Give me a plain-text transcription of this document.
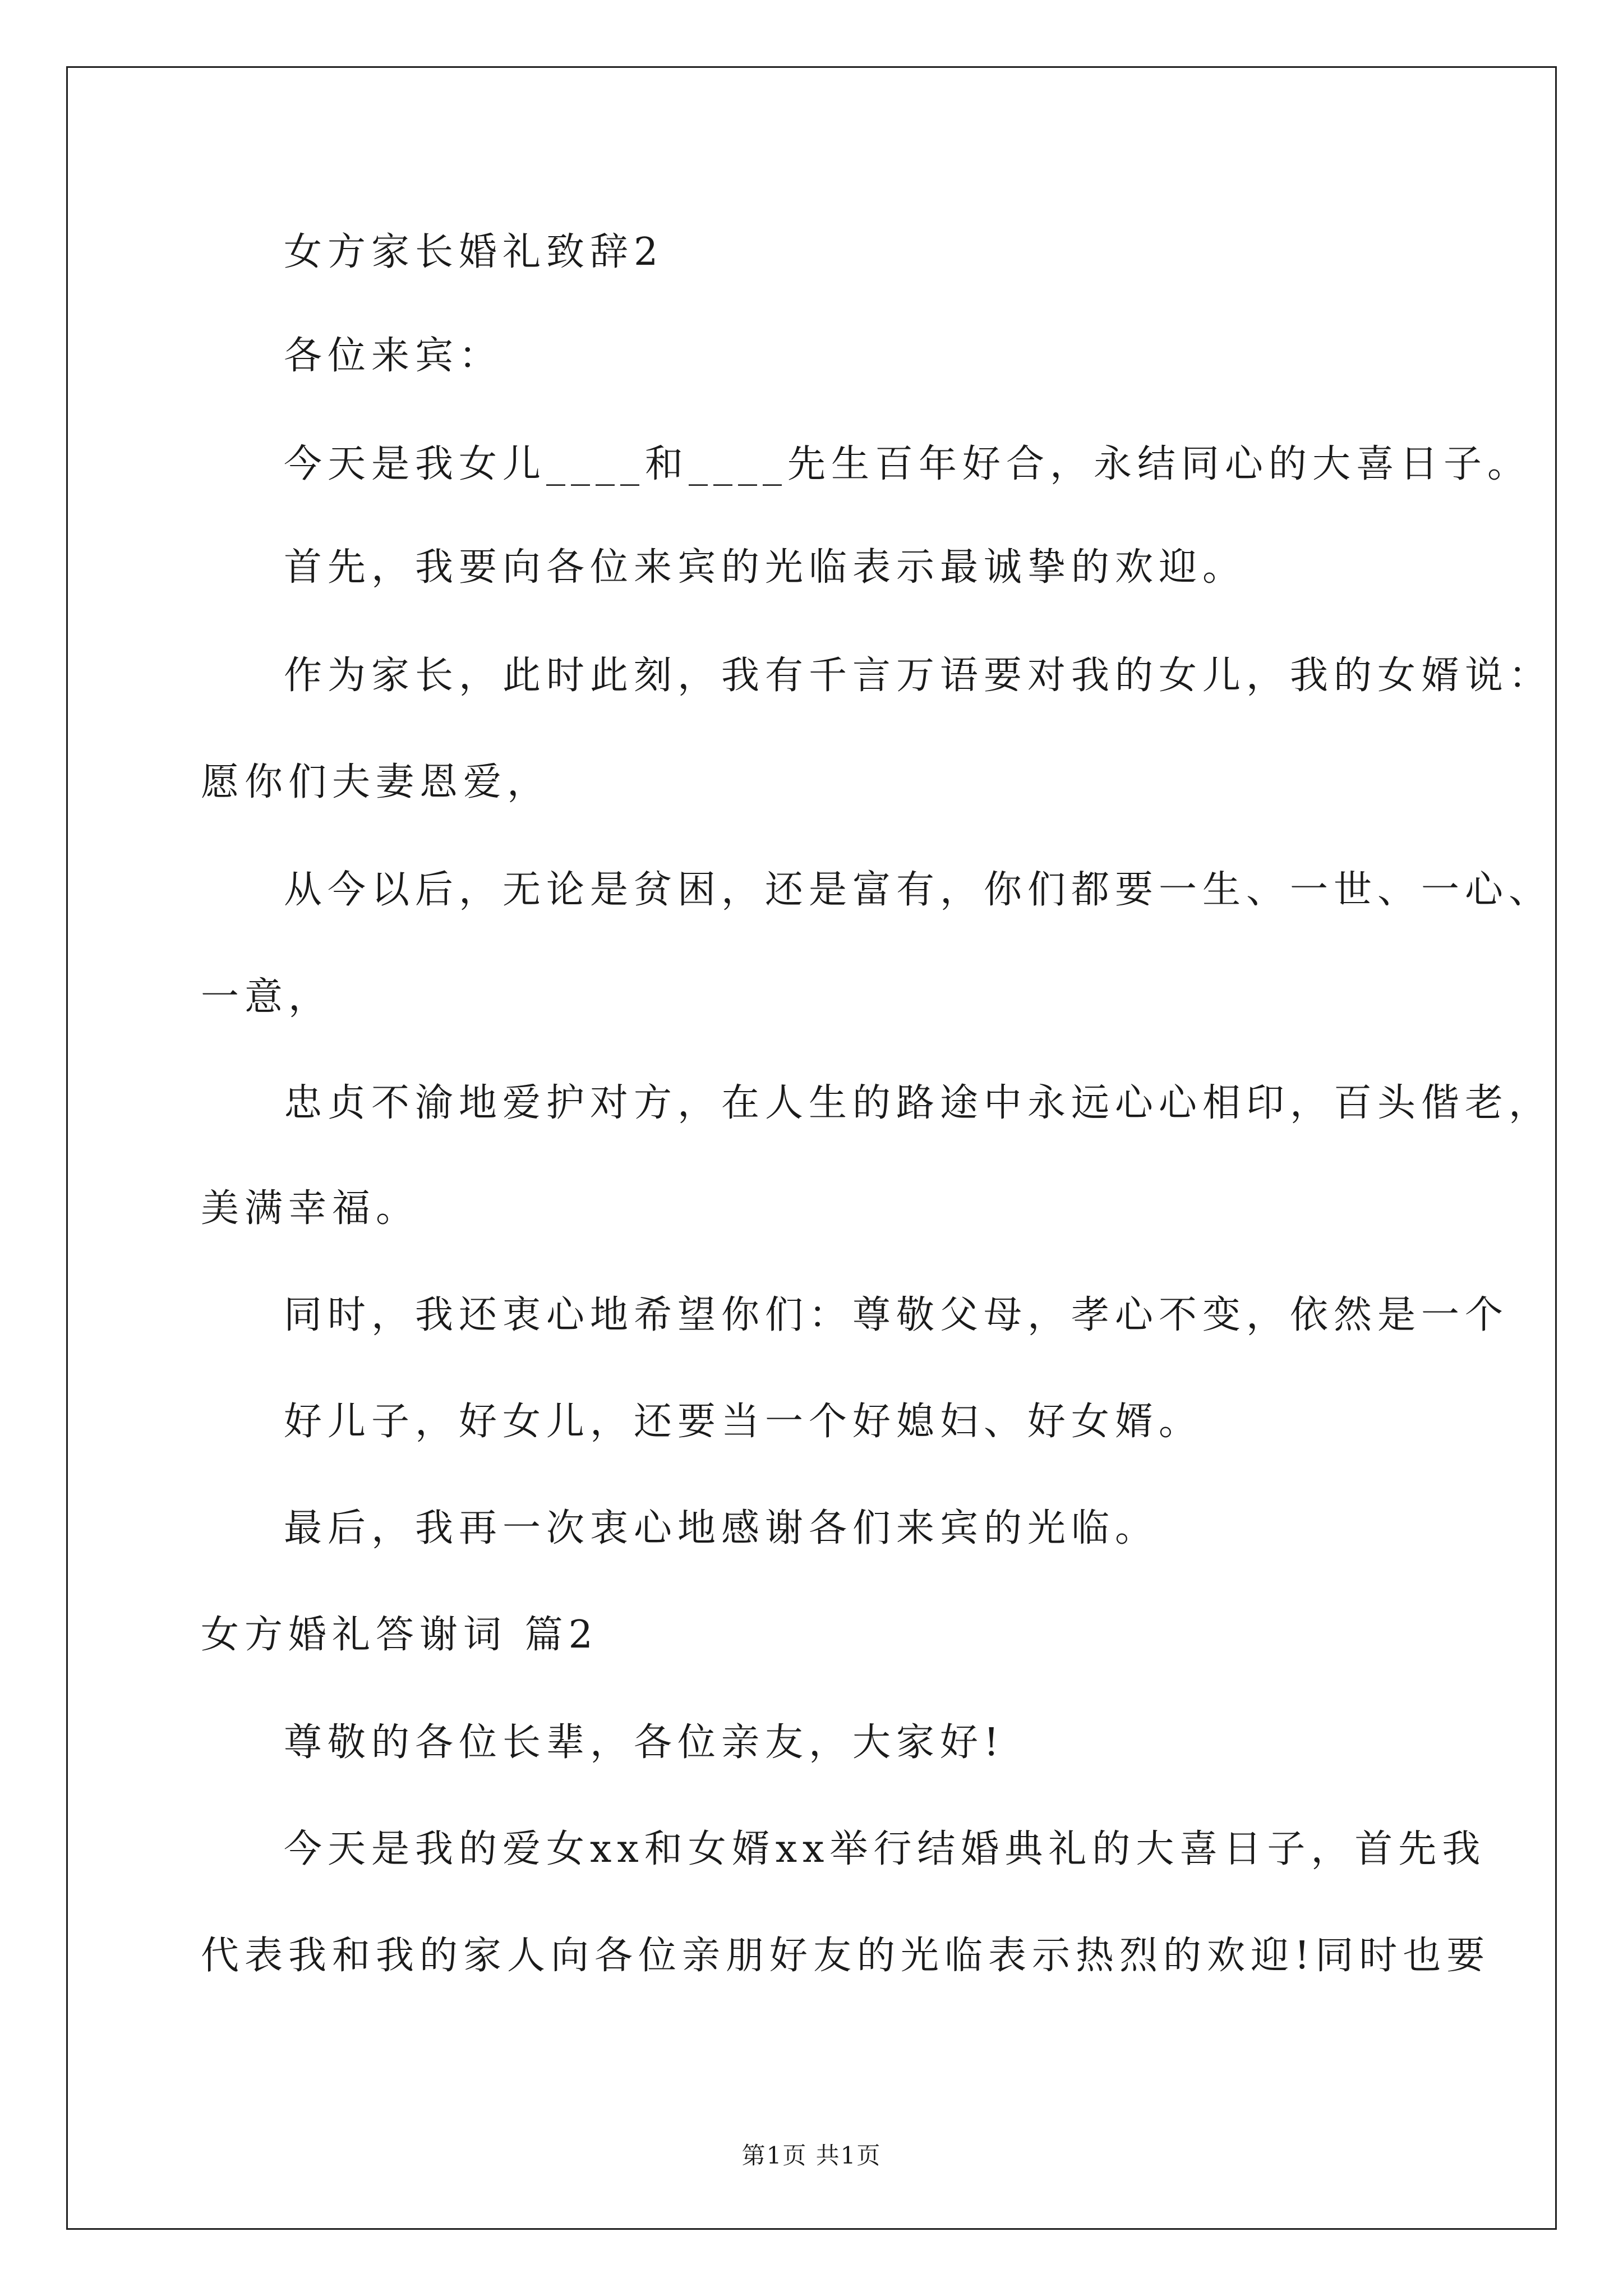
女方家长婚礼致辞2
各位来宾：
今天是我女儿____和____先生百年好合，永结同心的大喜日子。
首先，我要向各位来宾的光临表示最诚挚的欢迎。
作为家长，此时此刻，我有千言万语要对我的女儿，我的女婿说：
愿你们夫妻恩爱，
从今以后，无论是贫困，还是富有，你们都要一生、一世、一心、
一意，
忠贞不渝地爱护对方，在人生的路途中永远心心相印，百头偕老，
美满幸福。
同时，我还衷心地希望你们：尊敬父母，孝心不变，依然是一个
好儿子，好女儿，还要当一个好媳妇、好女婿。
最后，我再一次衷心地感谢各们来宾的光临。
女方婚礼答谢词 篇2
尊敬的各位长辈，各位亲友，大家好!
今天是我的爱女xx和女婿xx举行结婚典礼的大喜日子，首先我
代表我和我的家人向各位亲朋好友的光临表示热烈的欢迎!同时也要
第1页 共1页
